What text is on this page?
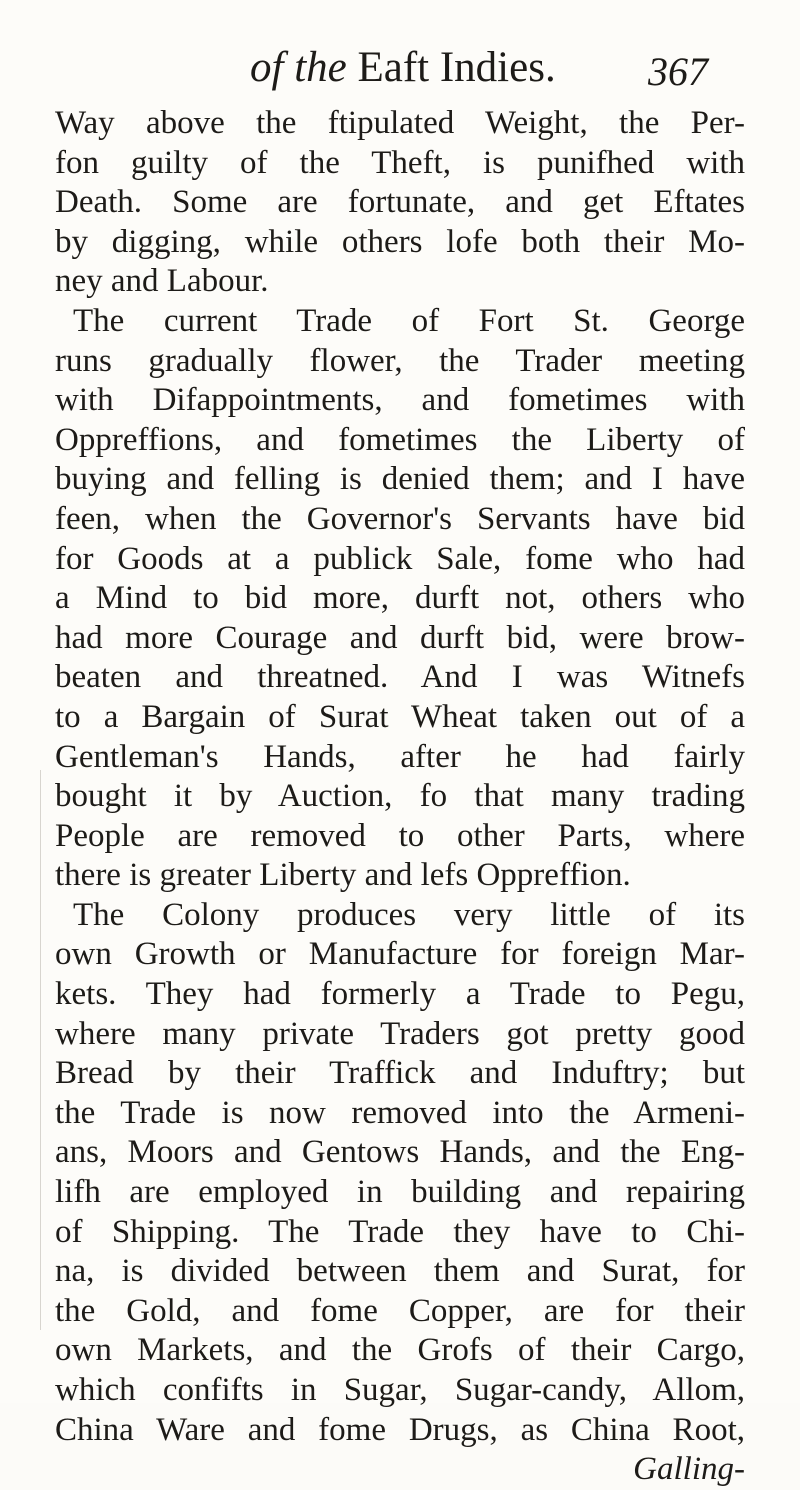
of the Eaft Indies. 367
Way above the ftipulated Weight, the Per-
fon guilty of the Theft, is punifhed with
Death. Some are fortunate, and get Eftates
by digging, while others lofe both their Mo-
ney and Labour.
The current Trade of Fort St. George
runs gradually flower, the Trader meeting
with Difappointments, and fometimes with
Oppreffions, and fometimes the Liberty of
buying and felling is denied them; and I have
feen, when the Governor's Servants have bid
for Goods at a publick Sale, fome who had
a Mind to bid more, durft not, others who
had more Courage and durft bid, were brow-
beaten and threatned. And I was Witnefs
to a Bargain of Surat Wheat taken out of a
Gentleman's Hands, after he had fairly
bought it by Auction, fo that many trading
People are removed to other Parts, where
there is greater Liberty and lefs Oppreffion.
The Colony produces very little of its
own Growth or Manufacture for foreign Mar-
kets. They had formerly a Trade to Pegu,
where many private Traders got pretty good
Bread by their Traffick and Induftry; but
the Trade is now removed into the Armeni-
ans, Moors and Gentows Hands, and the Eng-
lifh are employed in building and repairing
of Shipping. The Trade they have to Chi-
na, is divided between them and Surat, for
the Gold, and fome Copper, are for their
own Markets, and the Grofs of their Cargo,
which confifts in Sugar, Sugar-candy, Allom,
China Ware and fome Drugs, as China Root,
Galling-
